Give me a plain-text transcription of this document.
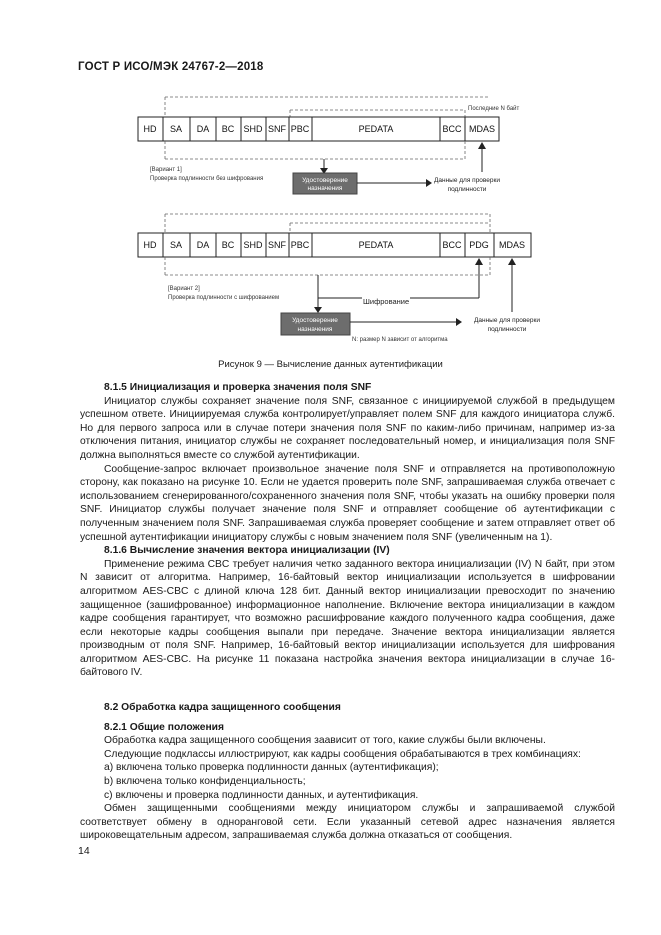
ГОСТ Р ИСО/МЭК 24767-2—2018
Последние N байт
HD SA DA BC SHD SNF PBC	PEDATA	BCC MDAS
[Вариант 1]
Проверка подлинности без шифрования	Удостоверение
назначения
Данные для проверки
подлинности
HD SA DA BC SHD SNF PBC	PEDATA	BCC PDG MDAS
[Вариант 2]
Проверка подлинности с шифрованием	Шифрование
Удостоверение
назначения
Данные для проверки
подлинности
N: размер N зависит от алгоритма
Рисунок 9 — Вычисление данных аутентификации

8.1.5 Инициализация и проверка значения поля SNF

Инициатор службы сохраняет значение поля SNF, связанное с инициируемой службой в предыдущем успешном ответе. Инициируемая служба контролирует/управляет полем SNF для каждого инициатора служб. Но для первого запроса или в случае потери значения поля SNF по каким-либо причинам, например из-за отключения питания, инициатор службы не сохраняет последовательный номер, и инициализация поля SNF должна выполняться вместе со службой аутентификации.

Сообщение-запрос включает произвольное значение поля SNF и отправляется на противоположную сторону, как показано на рисунке 10. Если не удается проверить поле SNF, запрашиваемая служба отвечает с использованием сгенерированного/сохраненного значения поля SNF, чтобы указать на ошибку проверки поля SNF. Инициатор службы получает значение поля SNF и отправляет сообщение об аутентификации с полученным значением поля SNF. Запрашиваемая служба проверяет сообщение и затем отправляет ответ об успешной аутентификации инициатору службы с новым значением поля SNF (увеличенным на 1).

8.1.6 Вычисление значения вектора инициализации (IV)

Применение режима CBC требует наличия четко заданного вектора инициализации (IV) N байт, при этом N зависит от алгоритма. Например, 16-байтовый вектор инициализации используется в шифровании алгоритмом AES-CBC с длиной ключа 128 бит. Данный вектор инициализации превосходит по значению защищенное (зашифрованное) информационное наполнение. Включение вектора инициализации в каждом кадре сообщения гарантирует, что возможно расшифрование каждого полученного кадра сообщения, даже если некоторые кадры сообщения выпали при передаче. Значение вектора инициализации является производным от поля SNF. Например, 16-байтовый вектор инициализации используется для шифрования алгоритмом AES-CBC. На рисунке 11 показана настройка значения вектора инициализации в случае 16-байтового IV.

8.2 Обработка кадра защищенного сообщения

8.2.1 Общие положения

Обработка кадра защищенного сообщения заависит от того, какие службы были включены.

Следующие подклассы иллюстрируют, как кадры сообщения обрабатываются в трех комбинациях:

а) включена только проверка подлинности данных (аутентификация);

b) включена только конфиденциальность;

с) включены и проверка подлинности данных, и аутентификация.

Обмен защищенными сообщениями между инициатором службы и запрашиваемой службой соответствует обмену в одноранговой сети. Если указанный сетевой адрес назначения является широковещательным адресом, запрашиваемая служба должна отказаться от сообщения.

14
